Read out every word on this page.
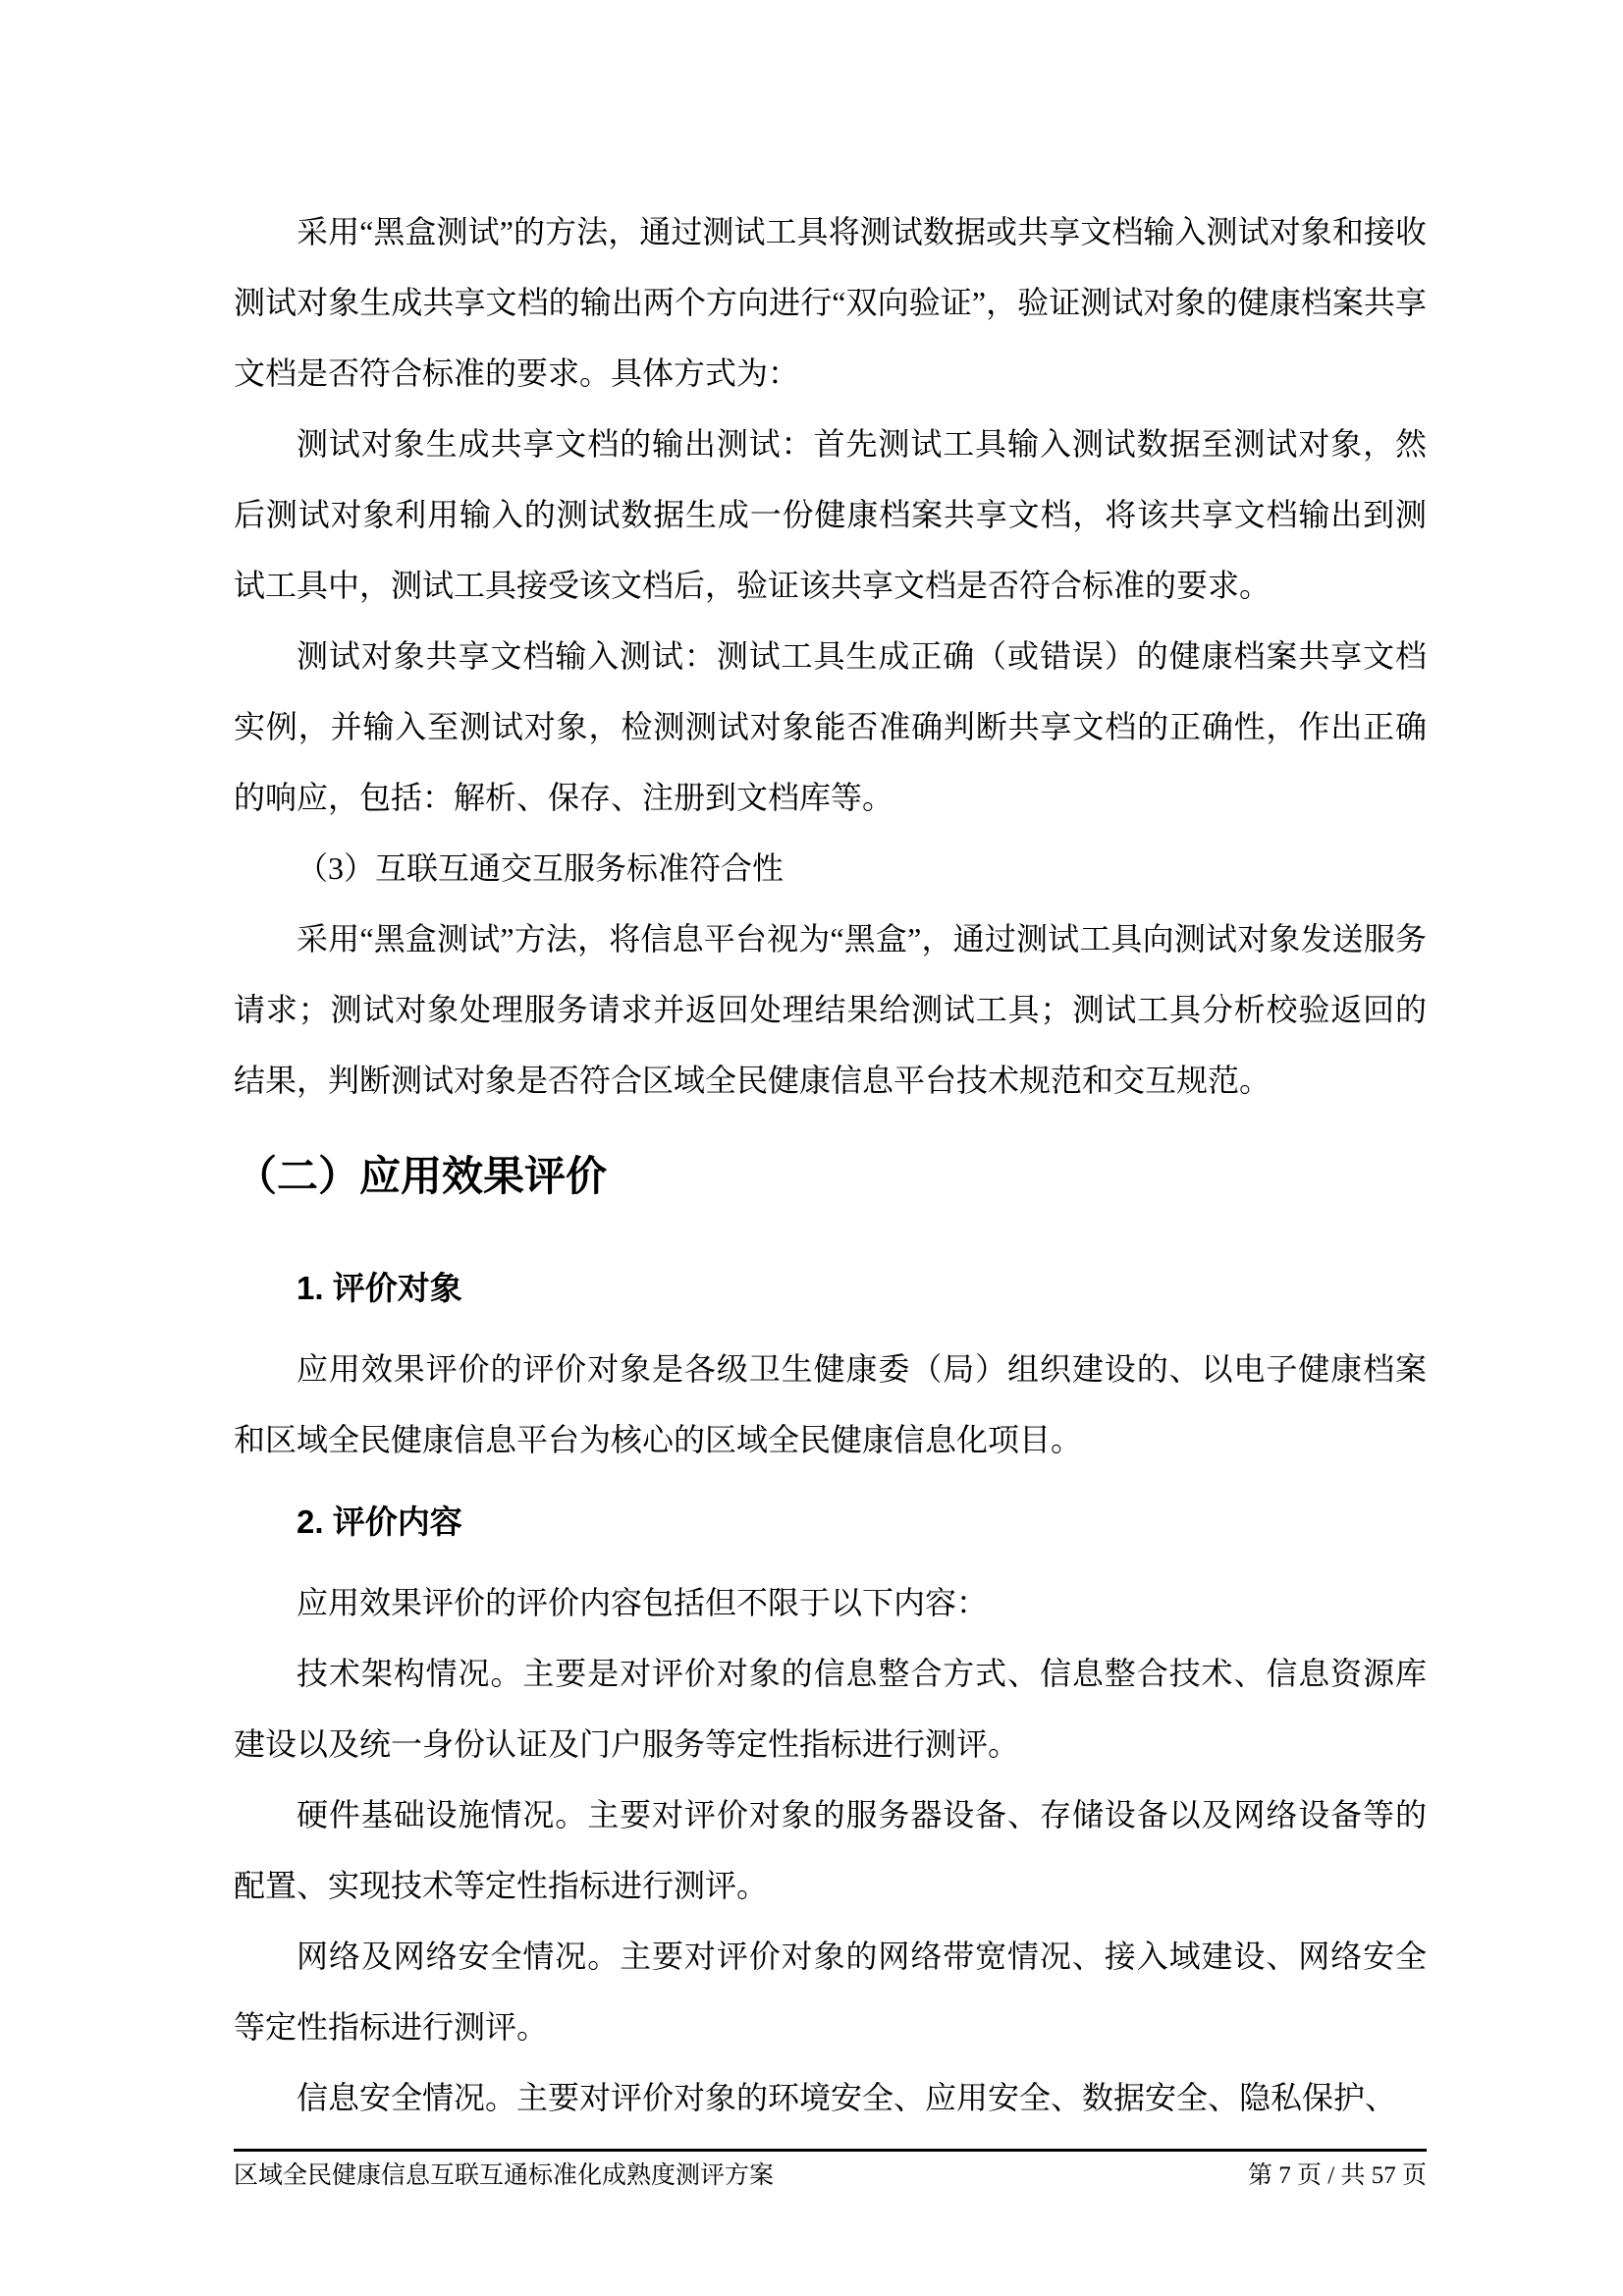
采用“黑盒测试”的方法，通过测试工具将测试数据或共享文档输入测试对象和接收测试对象生成共享文档的输出两个方向进行“双向验证”，验证测试对象的健康档案共享文档是否符合标准的要求。具体方式为：

测试对象生成共享文档的输出测试：首先测试工具输入测试数据至测试对象，然后测试对象利用输入的测试数据生成一份健康档案共享文档，将该共享文档输出到测试工具中，测试工具接受该文档后，验证该共享文档是否符合标准的要求。

测试对象共享文档输入测试：测试工具生成正确（或错误）的健康档案共享文档实例，并输入至测试对象，检测测试对象能否准确判断共享文档的正确性，作出正确的响应，包括：解析、保存、注册到文档库等。

（3）互联互通交互服务标准符合性

采用“黑盒测试”方法，将信息平台视为“黑盒”，通过测试工具向测试对象发送服务请求；测试对象处理服务请求并返回处理结果给测试工具；测试工具分析校验返回的结果，判断测试对象是否符合区域全民健康信息平台技术规范和交互规范。

（二）应用效果评价
1. 评价对象

应用效果评价的评价对象是各级卫生健康委（局）组织建设的、以电子健康档案和区域全民健康信息平台为核心的区域全民健康信息化项目。

2. 评价内容

应用效果评价的评价内容包括但不限于以下内容：

技术架构情况。主要是对评价对象的信息整合方式、信息整合技术、信息资源库建设以及统一身份认证及门户服务等定性指标进行测评。

硬件基础设施情况。主要对评价对象的服务器设备、存储设备以及网络设备等的配置、实现技术等定性指标进行测评。

网络及网络安全情况。主要对评价对象的网络带宽情况、接入域建设、网络安全等定性指标进行测评。

信息安全情况。主要对评价对象的环境安全、应用安全、数据安全、隐私保护、

区域全民健康信息互联互通标准化成熟度测评方案	第 7 页 / 共 57 页
